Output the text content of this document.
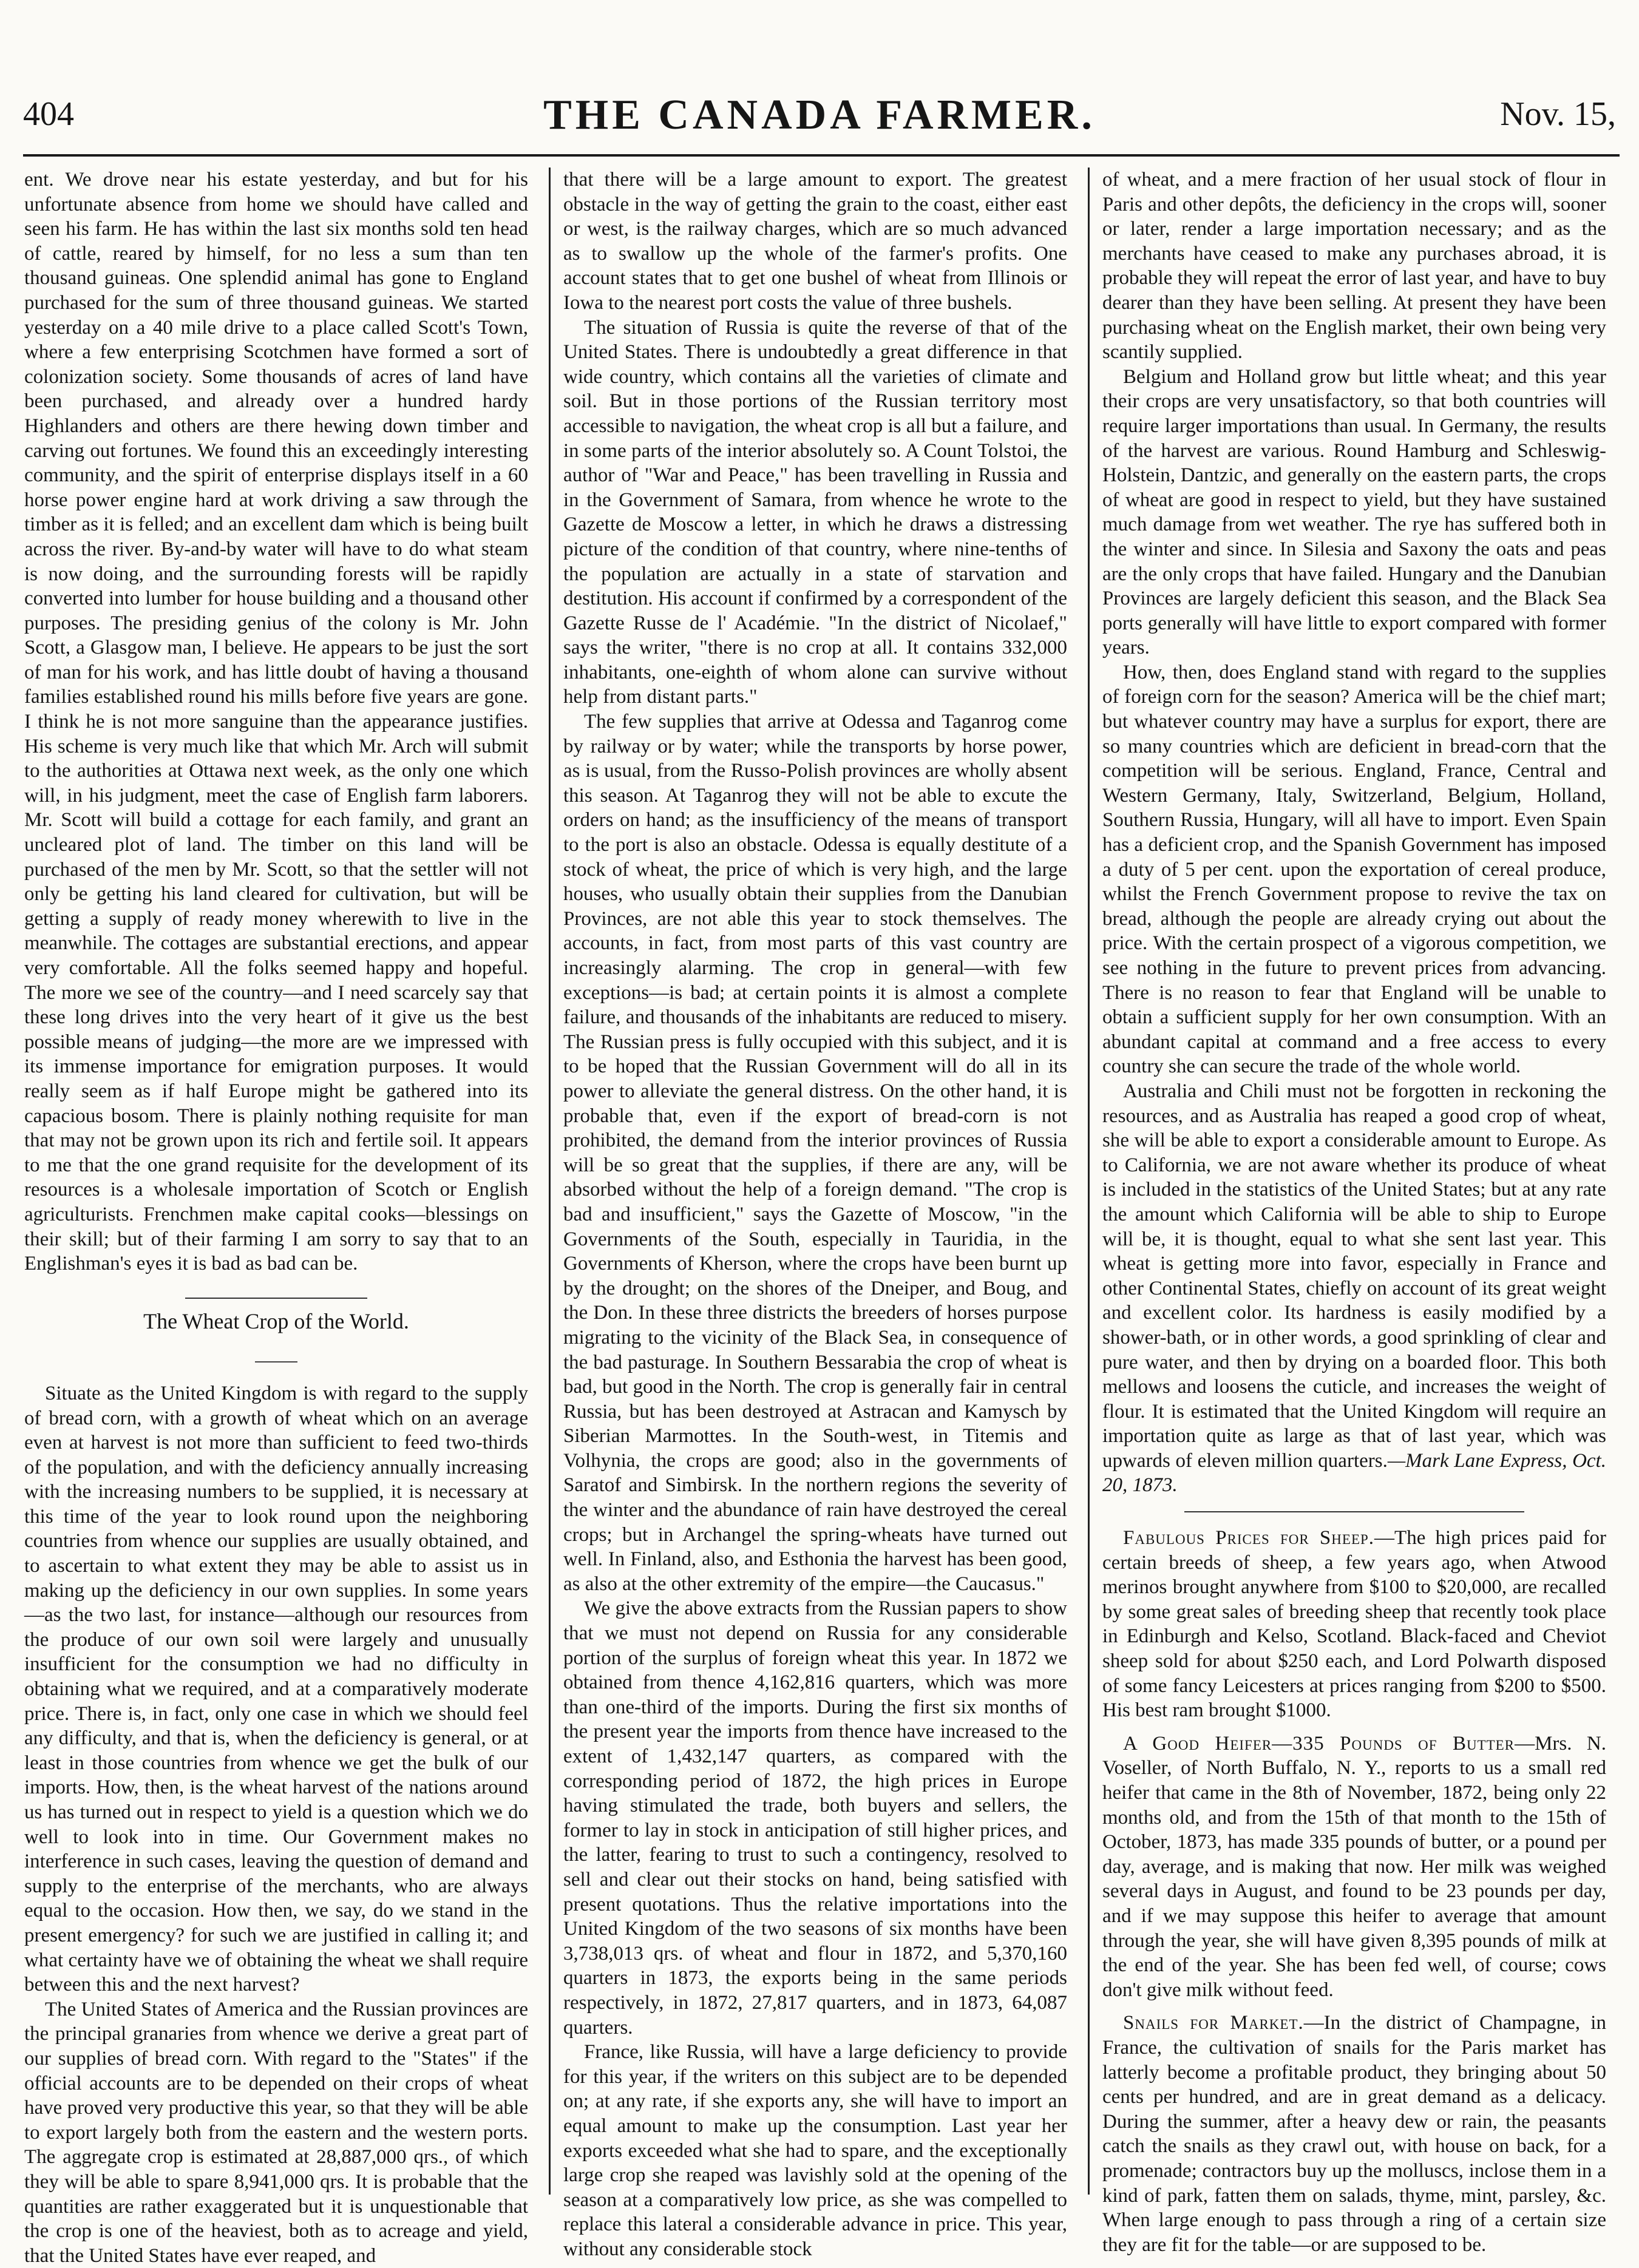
404	THE CANADA FARMER.	Nov. 15,

ent. We drove near his estate yesterday, and but for his unfortunate absence from home we should have called and seen his farm. He has within the last six months sold ten head of cattle, reared by himself, for no less a sum than ten thousand guineas. One splendid animal has gone to England purchased for the sum of three thousand guineas. We started yesterday on a 40 mile drive to a place called Scott's Town, where a few enterprising Scotchmen have formed a sort of colonization society. Some thousands of acres of land have been purchased, and already over a hundred hardy Highlanders and others are there hewing down timber and carving out fortunes. We found this an exceedingly interesting community, and the spirit of enterprise displays itself in a 60 horse power engine hard at work driving a saw through the timber as it is felled; and an excellent dam which is being built across the river. By-and-by water will have to do what steam is now doing, and the surrounding forests will be rapidly converted into lumber for house building and a thousand other purposes. The presiding genius of the colony is Mr. John Scott, a Glasgow man, I believe. He appears to be just the sort of man for his work, and has little doubt of having a thousand families established round his mills before five years are gone. I think he is not more sanguine than the appearance justifies. His scheme is very much like that which Mr. Arch will submit to the authorities at Ottawa next week, as the only one which will, in his judgment, meet the case of English farm laborers. Mr. Scott will build a cottage for each family, and grant an uncleared plot of land. The timber on this land will be purchased of the men by Mr. Scott, so that the settler will not only be getting his land cleared for cultivation, but will be getting a supply of ready money wherewith to live in the meanwhile. The cottages are substantial erections, and appear very comfortable. All the folks seemed happy and hopeful. The more we see of the country—and I need scarcely say that these long drives into the very heart of it give us the best possible means of judging—the more are we impressed with its immense importance for emigration purposes. It would really seem as if half Europe might be gathered into its capacious bosom. There is plainly nothing requisite for man that may not be grown upon its rich and fertile soil. It appears to me that the one grand requisite for the development of its resources is a wholesale importation of Scotch or English agriculturists. Frenchmen make capital cooks—blessings on their skill; but of their farming I am sorry to say that to an Englishman's eyes it is bad as bad can be.

The Wheat Crop of the World.

Situate as the United Kingdom is with regard to the supply of bread corn, with a growth of wheat which on an average even at harvest is not more than sufficient to feed two-thirds of the population, and with the deficiency annually increasing with the increasing numbers to be supplied, it is necessary at this time of the year to look round upon the neighboring countries from whence our supplies are usually obtained, and to ascertain to what extent they may be able to assist us in making up the deficiency in our own supplies. In some years—as the two last, for instance—although our resources from the produce of our own soil were largely and unusually insufficient for the consumption we had no difficulty in obtaining what we required, and at a comparatively moderate price. There is, in fact, only one case in which we should feel any difficulty, and that is, when the deficiency is general, or at least in those countries from whence we get the bulk of our imports. How, then, is the wheat harvest of the nations around us has turned out in respect to yield is a question which we do well to look into in time. Our Government makes no interference in such cases, leaving the question of demand and supply to the enterprise of the merchants, who are always equal to the occasion. How then, we say, do we stand in the present emergency? for such we are justified in calling it; and what certainty have we of obtaining the wheat we shall require between this and the next harvest?

The United States of America and the Russian provinces are the principal granaries from whence we derive a great part of our supplies of bread corn. With regard to the "States" if the official accounts are to be depended on their crops of wheat have proved very productive this year, so that they will be able to export largely both from the eastern and the western ports. The aggregate crop is estimated at 28,887,000 qrs., of which they will be able to spare 8,941,000 qrs. It is probable that the quantities are rather exaggerated but it is unquestionable that the crop is one of the heaviest, both as to acreage and yield, that the United States have ever reaped, and

that there will be a large amount to export. The greatest obstacle in the way of getting the grain to the coast, either east or west, is the railway charges, which are so much advanced as to swallow up the whole of the farmer's profits. One account states that to get one bushel of wheat from Illinois or Iowa to the nearest port costs the value of three bushels.

The situation of Russia is quite the reverse of that of the United States. There is undoubtedly a great difference in that wide country, which contains all the varieties of climate and soil. But in those portions of the Russian territory most accessible to navigation, the wheat crop is all but a failure, and in some parts of the interior absolutely so. A Count Tolstoi, the author of "War and Peace," has been travelling in Russia and in the Government of Samara, from whence he wrote to the Gazette de Moscow a letter, in which he draws a distressing picture of the condition of that country, where nine-tenths of the population are actually in a state of starvation and destitution. His account if confirmed by a correspondent of the Gazette Russe de l' Académie. "In the district of Nicolaef," says the writer, "there is no crop at all. It contains 332,000 inhabitants, one-eighth of whom alone can survive without help from distant parts."

The few supplies that arrive at Odessa and Taganrog come by railway or by water; while the transports by horse power, as is usual, from the Russo-Polish provinces are wholly absent this season. At Taganrog they will not be able to excute the orders on hand; as the insufficiency of the means of transport to the port is also an obstacle. Odessa is equally destitute of a stock of wheat, the price of which is very high, and the large houses, who usually obtain their supplies from the Danubian Provinces, are not able this year to stock themselves. The accounts, in fact, from most parts of this vast country are increasingly alarming. The crop in general—with few exceptions—is bad; at certain points it is almost a complete failure, and thousands of the inhabitants are reduced to misery. The Russian press is fully occupied with this subject, and it is to be hoped that the Russian Government will do all in its power to alleviate the general distress. On the other hand, it is probable that, even if the export of bread-corn is not prohibited, the demand from the interior provinces of Russia will be so great that the supplies, if there are any, will be absorbed without the help of a foreign demand. "The crop is bad and insufficient," says the Gazette of Moscow, "in the Governments of the South, especially in Tauridia, in the Governments of Kherson, where the crops have been burnt up by the drought; on the shores of the Dneiper, and Boug, and the Don. In these three districts the breeders of horses purpose migrating to the vicinity of the Black Sea, in consequence of the bad pasturage. In Southern Bessarabia the crop of wheat is bad, but good in the North. The crop is generally fair in central Russia, but has been destroyed at Astracan and Kamysch by Siberian Marmottes. In the South-west, in Titemis and Volhynia, the crops are good; also in the governments of Saratof and Simbirsk. In the northern regions the severity of the winter and the abundance of rain have destroyed the cereal crops; but in Archangel the spring-wheats have turned out well. In Finland, also, and Esthonia the harvest has been good, as also at the other extremity of the empire—the Caucasus."

We give the above extracts from the Russian papers to show that we must not depend on Russia for any considerable portion of the surplus of foreign wheat this year. In 1872 we obtained from thence 4,162,816 quarters, which was more than one-third of the imports. During the first six months of the present year the imports from thence have increased to the extent of 1,432,147 quarters, as compared with the corresponding period of 1872, the high prices in Europe having stimulated the trade, both buyers and sellers, the former to lay in stock in anticipation of still higher prices, and the latter, fearing to trust to such a contingency, resolved to sell and clear out their stocks on hand, being satisfied with present quotations. Thus the relative importations into the United Kingdom of the two seasons of six months have been 3,738,013 qrs. of wheat and flour in 1872, and 5,370,160 quarters in 1873, the exports being in the same periods respectively, in 1872, 27,817 quarters, and in 1873, 64,087 quarters.

France, like Russia, will have a large deficiency to provide for this year, if the writers on this subject are to be depended on; at any rate, if she exports any, she will have to import an equal amount to make up the consumption. Last year her exports exceeded what she had to spare, and the exceptionally large crop she reaped was lavishly sold at the opening of the season at a comparatively low price, as she was compelled to replace this lateral a considerable advance in price. This year, without any considerable stock

of wheat, and a mere fraction of her usual stock of flour in Paris and other depôts, the deficiency in the crops will, sooner or later, render a large importation necessary; and as the merchants have ceased to make any purchases abroad, it is probable they will repeat the error of last year, and have to buy dearer than they have been selling. At present they have been purchasing wheat on the English market, their own being very scantily supplied.

Belgium and Holland grow but little wheat; and this year their crops are very unsatisfactory, so that both countries will require larger importations than usual. In Germany, the results of the harvest are various. Round Hamburg and Schleswig-Holstein, Dantzic, and generally on the eastern parts, the crops of wheat are good in respect to yield, but they have sustained much damage from wet weather. The rye has suffered both in the winter and since. In Silesia and Saxony the oats and peas are the only crops that have failed. Hungary and the Danubian Provinces are largely deficient this season, and the Black Sea ports generally will have little to export compared with former years.

How, then, does England stand with regard to the supplies of foreign corn for the season? America will be the chief mart; but whatever country may have a surplus for export, there are so many countries which are deficient in bread-corn that the competition will be serious. England, France, Central and Western Germany, Italy, Switzerland, Belgium, Holland, Southern Russia, Hungary, will all have to import. Even Spain has a deficient crop, and the Spanish Government has imposed a duty of 5 per cent. upon the exportation of cereal produce, whilst the French Government propose to revive the tax on bread, although the people are already crying out about the price. With the certain prospect of a vigorous competition, we see nothing in the future to prevent prices from advancing. There is no reason to fear that England will be unable to obtain a sufficient supply for her own consumption. With an abundant capital at command and a free access to every country she can secure the trade of the whole world.

Australia and Chili must not be forgotten in reckoning the resources, and as Australia has reaped a good crop of wheat, she will be able to export a considerable amount to Europe. As to California, we are not aware whether its produce of wheat is included in the statistics of the United States; but at any rate the amount which California will be able to ship to Europe will be, it is thought, equal to what she sent last year. This wheat is getting more into favor, especially in France and other Continental States, chiefly on account of its great weight and excellent color. Its hardness is easily modified by a shower-bath, or in other words, a good sprinkling of clear and pure water, and then by drying on a boarded floor. This both mellows and loosens the cuticle, and increases the weight of flour. It is estimated that the United Kingdom will require an importation quite as large as that of last year, which was upwards of eleven million quarters.—Mark Lane Express, Oct. 20, 1873.

Fabulous Prices for Sheep.—The high prices paid for certain breeds of sheep, a few years ago, when Atwood merinos brought anywhere from $100 to $20,000, are recalled by some great sales of breeding sheep that recently took place in Edinburgh and Kelso, Scotland. Black-faced and Cheviot sheep sold for about $250 each, and Lord Polwarth disposed of some fancy Leicesters at prices ranging from $200 to $500. His best ram brought $1000.

A Good Heifer—335 Pounds of Butter—Mrs. N. Voseller, of North Buffalo, N. Y., reports to us a small red heifer that came in the 8th of November, 1872, being only 22 months old, and from the 15th of that month to the 15th of October, 1873, has made 335 pounds of butter, or a pound per day, average, and is making that now. Her milk was weighed several days in August, and found to be 23 pounds per day, and if we may suppose this heifer to average that amount through the year, she will have given 8,395 pounds of milk at the end of the year. She has been fed well, of course; cows don't give milk without feed.

Snails for Market.—In the district of Champagne, in France, the cultivation of snails for the Paris market has latterly become a profitable product, they bringing about 50 cents per hundred, and are in great demand as a delicacy. During the summer, after a heavy dew or rain, the peasants catch the snails as they crawl out, with house on back, for a promenade; contractors buy up the molluscs, inclose them in a kind of park, fatten them on salads, thyme, mint, parsley, &c. When large enough to pass through a ring of a certain size they are fit for the table—or are supposed to be.
